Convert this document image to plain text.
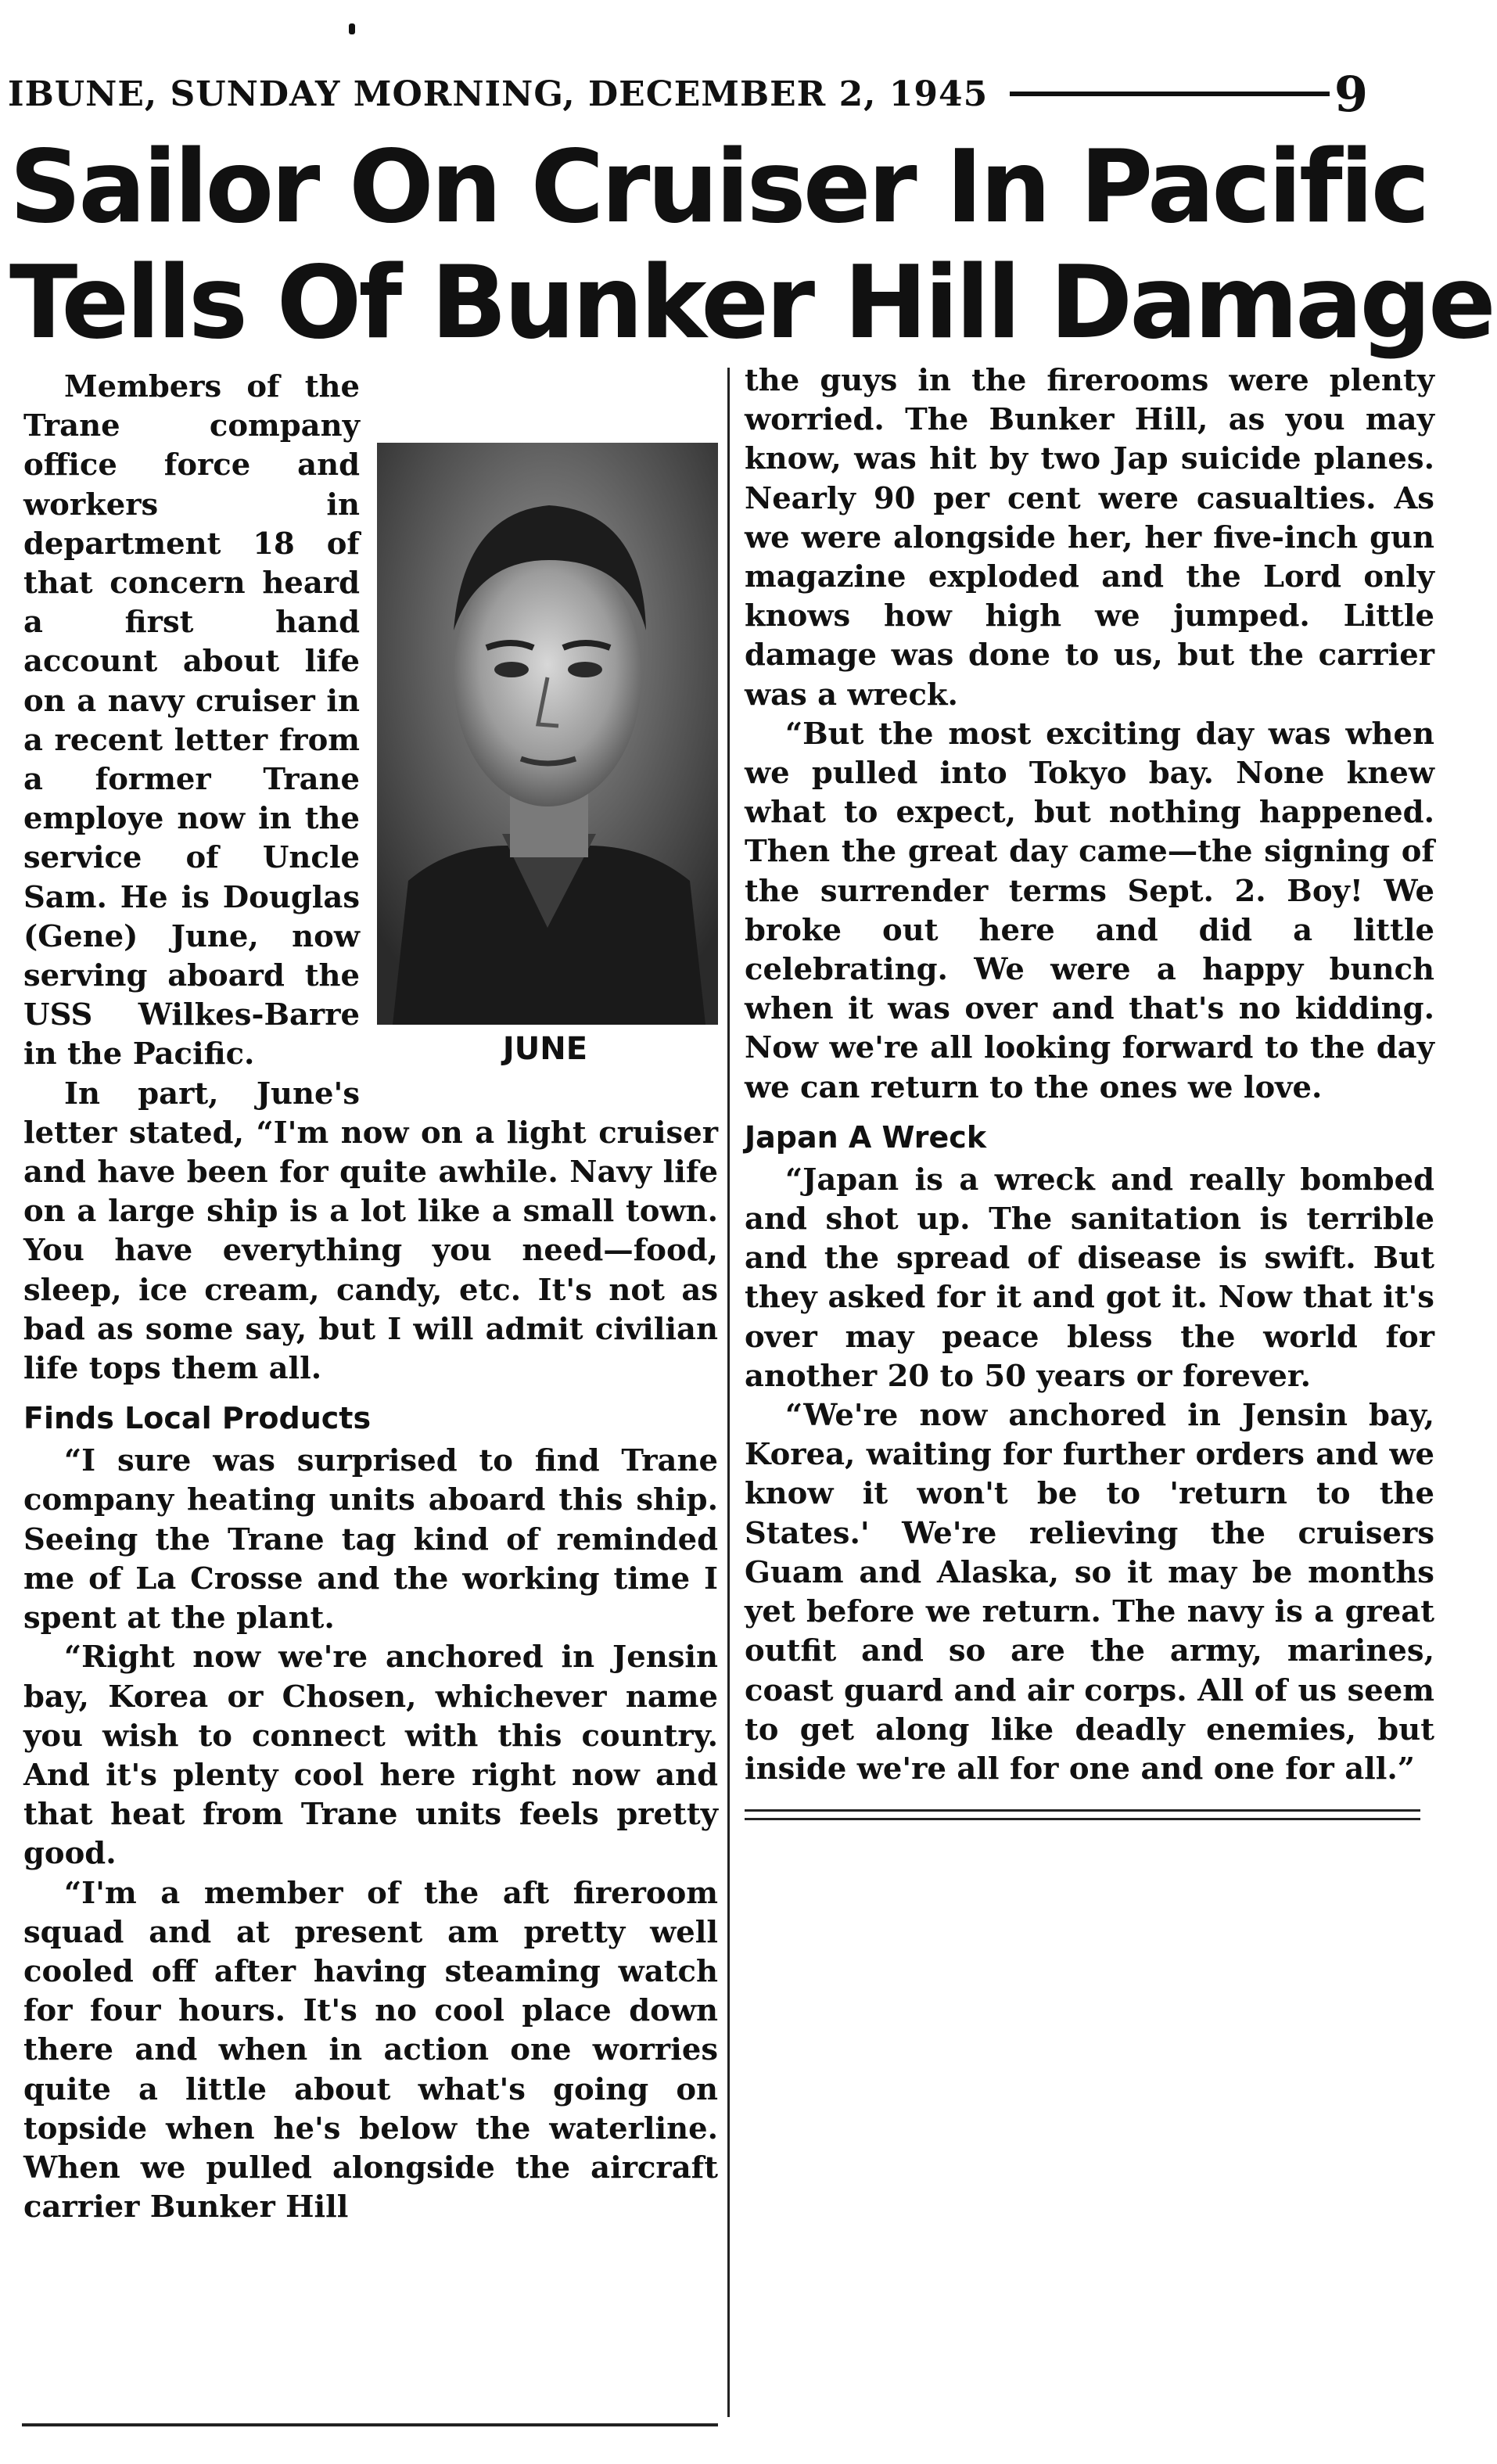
IBUNE, SUNDAY MORNING, DECEMBER 2, 1945	9
Sailor On Cruiser In Pacific
Tells Of Bunker Hill Damage
JUNE

Members of the Trane company office force and workers in department 18 of that concern heard a first hand account about life on a navy cruiser in a recent letter from a former Trane employe now in the service of Uncle Sam. He is Douglas (Gene) June, now serving aboard the USS Wilkes-Barre in the Pacific.

In part, June's letter stated, “I'm now on a light cruiser and have been for quite awhile. Navy life on a large ship is a lot like a small town. You have everything you need—food, sleep, ice cream, candy, etc. It's not as bad as some say, but I will admit civilian life tops them all.

Finds Local Products

“I sure was surprised to find Trane company heating units aboard this ship. Seeing the Trane tag kind of reminded me of La Crosse and the working time I spent at the plant.

“Right now we're anchored in Jensin bay, Korea or Chosen, whichever name you wish to connect with this country. And it's plenty cool here right now and that heat from Trane units feels pretty good.

“I'm a member of the aft fireroom squad and at present am pretty well cooled off after having steaming watch for four hours. It's no cool place down there and when in action one worries quite a little about what's going on topside when he's below the waterline. When we pulled alongside the aircraft carrier Bunker Hill

the guys in the firerooms were plenty worried. The Bunker Hill, as you may know, was hit by two Jap suicide planes. Nearly 90 per cent were casualties. As we were alongside her, her five-inch gun magazine exploded and the Lord only knows how high we jumped. Little damage was done to us, but the carrier was a wreck.

“But the most exciting day was when we pulled into Tokyo bay. None knew what to expect, but nothing happened. Then the great day came—the signing of the surrender terms Sept. 2. Boy! We broke out here and did a little celebrating. We were a happy bunch when it was over and that's no kidding. Now we're all looking forward to the day we can return to the ones we love.

Japan A Wreck

“Japan is a wreck and really bombed and shot up. The sanitation is terrible and the spread of disease is swift. But they asked for it and got it. Now that it's over may peace bless the world for another 20 to 50 years or forever.

“We're now anchored in Jensin bay, Korea, waiting for further orders and we know it won't be to 'return to the States.' We're relieving the cruisers Guam and Alaska, so it may be months yet before we return. The navy is a great outfit and so are the army, marines, coast guard and air corps. All of us seem to get along like deadly enemies, but inside we're all for one and one for all.”
